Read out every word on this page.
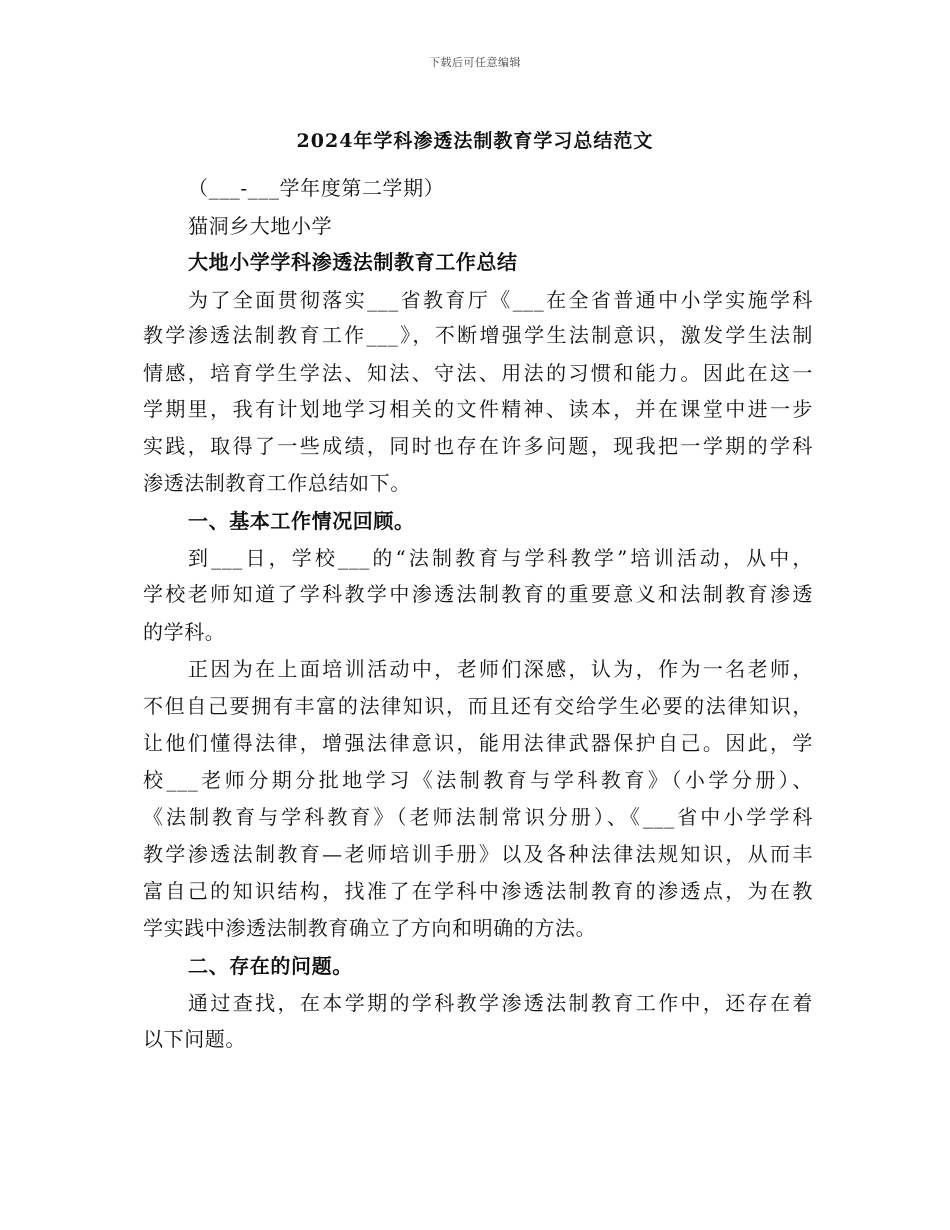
下载后可任意编辑
2024年学科渗透法制教育学习总结范文
（___-___学年度第二学期）
猫洞乡大地小学
大地小学学科渗透法制教育工作总结
为了全面贯彻落实___省教育厅《___在全省普通中小学实施学科
教学渗透法制教育工作___》，不断增强学生法制意识，激发学生法制
情感，培育学生学法、知法、守法、用法的习惯和能力。因此在这一
学期里，我有计划地学习相关的文件精神、读本，并在课堂中进一步
实践，取得了一些成绩，同时也存在许多问题，现我把一学期的学科
渗透法制教育工作总结如下。
一、基本工作情况回顾。
到___日，学校___的“法制教育与学科教学”培训活动，从中，
学校老师知道了学科教学中渗透法制教育的重要意义和法制教育渗透
的学科。
正因为在上面培训活动中，老师们深感，认为，作为一名老师，
不但自己要拥有丰富的法律知识，而且还有交给学生必要的法律知识，
让他们懂得法律，增强法律意识，能用法律武器保护自己。因此，学
校___老师分期分批地学习《法制教育与学科教育》（小学分册）、
《法制教育与学科教育》（老师法制常识分册）、《___省中小学学科
教学渗透法制教育—老师培训手册》以及各种法律法规知识，从而丰
富自己的知识结构，找准了在学科中渗透法制教育的渗透点，为在教
学实践中渗透法制教育确立了方向和明确的方法。
二、存在的问题。
通过查找，在本学期的学科教学渗透法制教育工作中，还存在着
以下问题。
